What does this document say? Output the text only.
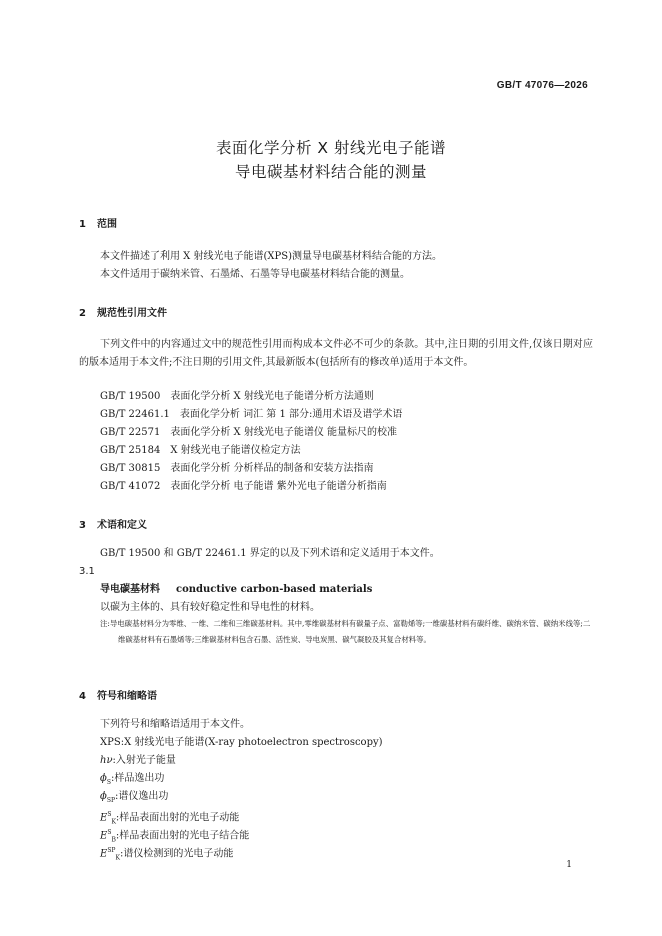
GB/T 47076—2026
表面化学分析 X 射线光电子能谱
导电碳基材料结合能的测量
1 范围
本文件描述了利用 X 射线光电子能谱(XPS)测量导电碳基材料结合能的方法。
本文件适用于碳纳米管、石墨烯、石墨等导电碳基材料结合能的测量。
2 规范性引用文件
下列文件中的内容通过文中的规范性引用而构成本文件必不可少的条款。其中,注日期的引用文件,仅该日期对应的版本适用于本文件;不注日期的引用文件,其最新版本(包括所有的修改单)适用于本文件。
GB/T 19500 表面化学分析 X 射线光电子能谱分析方法通则
GB/T 22461.1 表面化学分析 词汇 第 1 部分:通用术语及谱学术语
GB/T 22571 表面化学分析 X 射线光电子能谱仪 能量标尺的校准
GB/T 25184 X 射线光电子能谱仪检定方法
GB/T 30815 表面化学分析 分析样品的制备和安装方法指南
GB/T 41072 表面化学分析 电子能谱 紫外光电子能谱分析指南
3 术语和定义
GB/T 19500 和 GB/T 22461.1 界定的以及下列术语和定义适用于本文件。
3.1
导电碳基材料 conductive carbon-based materials
以碳为主体的、具有较好稳定性和导电性的材料。
注:导电碳基材料分为零维、一维、二维和三维碳基材料。其中,零维碳基材料有碳量子点、富勒烯等;一维碳基材料有碳纤维、碳纳米管、碳纳米线等;二维碳基材料有石墨烯等;三维碳基材料包含石墨、活性炭、导电炭黑、碳气凝胶及其复合材料等。
4 符号和缩略语
下列符号和缩略语适用于本文件。
XPS:X 射线光电子能谱(X-ray photoelectron spectroscopy)
hν:入射光子能量
$\phi_S$:样品逸出功
$\phi_{SP}$:谱仪逸出功
$E^S_K$:样品表面出射的光电子动能
$E^S_B$:样品表面出射的光电子结合能
$E^{SP}_K$:谱仪检测到的光电子动能
1
